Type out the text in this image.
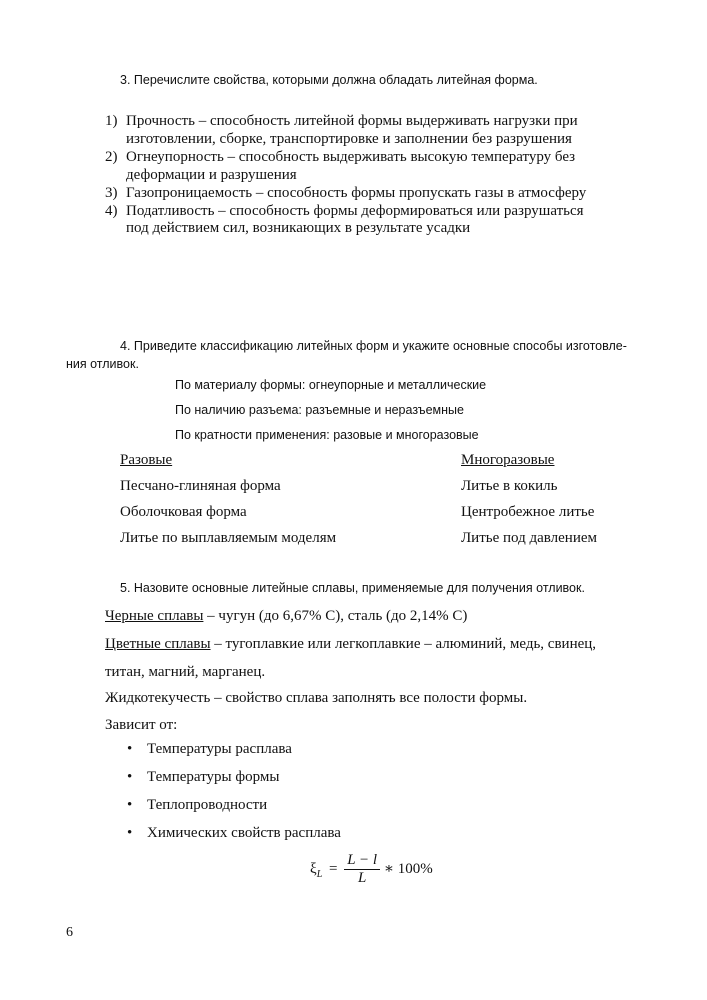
3. Перечислите свойства, которыми должна обладать литейная форма.
1) Прочность – способность литейной формы выдерживать нагрузки при
изготовлении, сборке, транспортировке и заполнении без разрушения
2) Огнеупорность – способность выдерживать высокую температуру без
деформации и разрушения
3) Газопроницаемость – способность формы пропускать газы в атмосферу
4) Податливость – способность формы деформироваться или разрушаться
под действием сил, возникающих в результате усадки
4. Приведите классификацию литейных форм и укажите основные способы изготовле-
ния отливок.
По материалу формы: огнеупорные и металлические
По наличию разъема: разъемные и неразъемные
По кратности применения: разовые и многоразовые
Разовые	Многоразовые
Песчано-глиняная форма	Литье в кокиль
Оболочковая форма	Центробежное литье
Литье по выплавляемым моделям	Литье под давлением
5. Назовите основные литейные сплавы, применяемые для получения отливок.
Черные сплавы – чугун (до 6,67% С), сталь (до 2,14% С)
Цветные сплавы – тугоплавкие или легкоплавкие – алюминий, медь, свинец,
титан, магний, марганец.
Жидкотекучесть – свойство сплава заполнять все полости формы.
Зависит от:
• Температуры расплава
• Температуры формы
• Теплопроводности
• Химических свойств расплава
$\xi_L = \frac{L - l}{L}$ ∗ 100%
6
